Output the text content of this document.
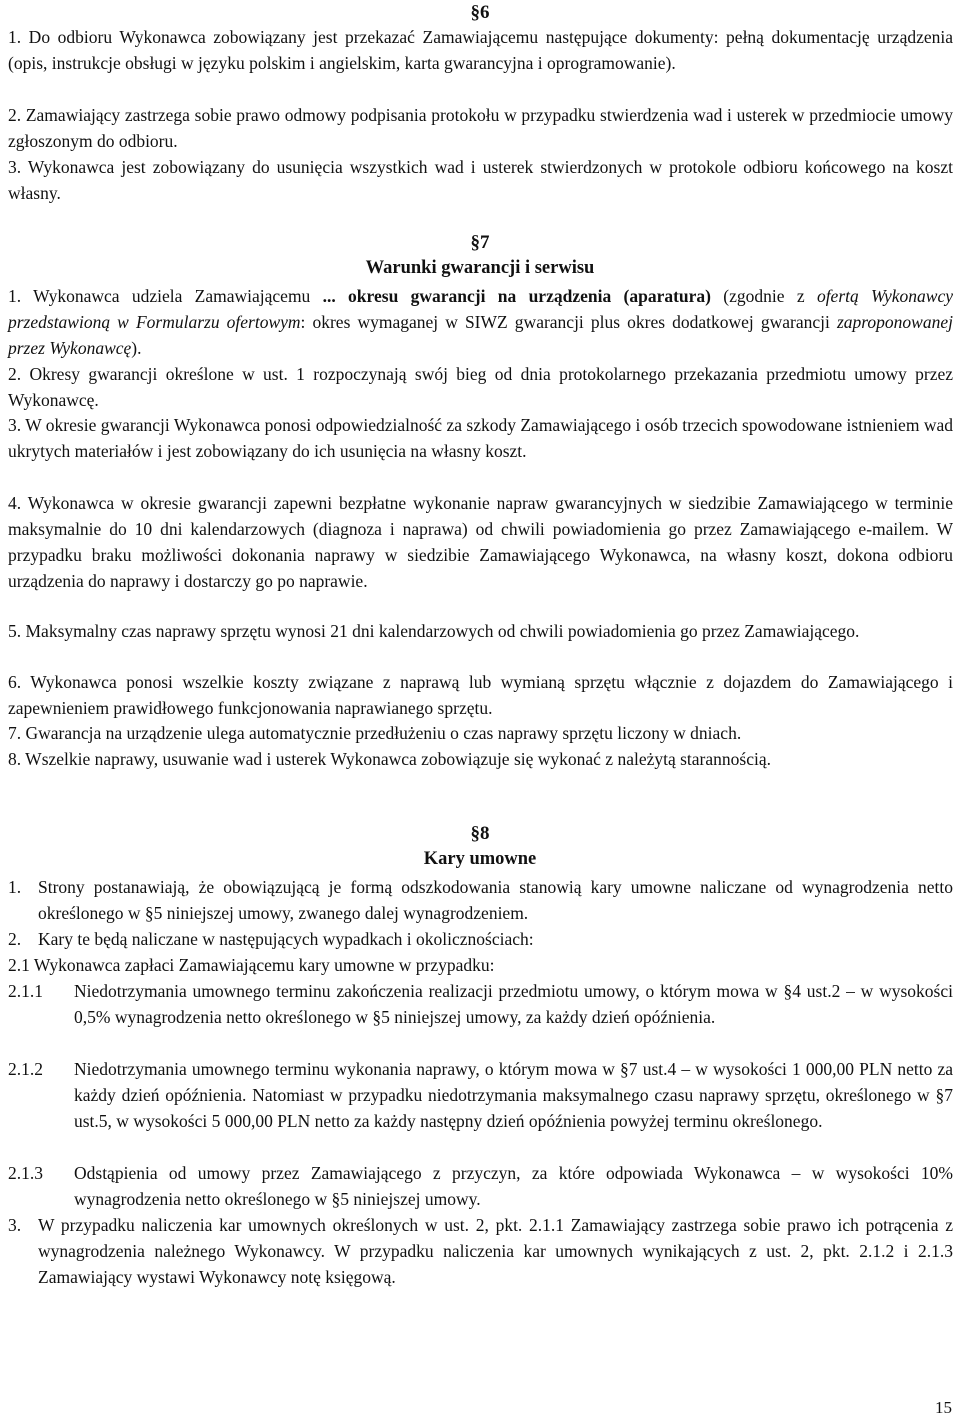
§6
1. Do odbioru Wykonawca zobowiązany jest przekazać Zamawiającemu następujące dokumenty: pełną dokumentację urządzenia (opis, instrukcje obsługi w języku polskim i angielskim, karta gwarancyjna i oprogramowanie).
2. Zamawiający zastrzega sobie prawo odmowy podpisania protokołu w przypadku stwierdzenia wad i usterek w przedmiocie umowy zgłoszonym do odbioru.
3. Wykonawca jest zobowiązany do usunięcia wszystkich wad i usterek stwierdzonych w protokole odbioru końcowego na koszt własny.
§7
Warunki gwarancji i serwisu
1. Wykonawca udziela Zamawiającemu ... okresu gwarancji na urządzenia (aparatura) (zgodnie z ofertą Wykonawcy przedstawioną w Formularzu ofertowym: okres wymaganej w SIWZ gwarancji plus okres dodatkowej gwarancji zaproponowanej przez Wykonawcę).
2. Okresy gwarancji określone w ust. 1 rozpoczynają swój bieg od dnia protokolarnego przekazania przedmiotu umowy przez Wykonawcę.
3. W okresie gwarancji Wykonawca ponosi odpowiedzialność za szkody Zamawiającego i osób trzecich spowodowane istnieniem wad ukrytych materiałów i jest zobowiązany do ich usunięcia na własny koszt.
4. Wykonawca w okresie gwarancji zapewni bezpłatne wykonanie napraw gwarancyjnych w siedzibie Zamawiającego w terminie maksymalnie do 10 dni kalendarzowych (diagnoza i naprawa) od chwili powiadomienia go przez Zamawiającego e-mailem. W przypadku braku możliwości dokonania naprawy w siedzibie Zamawiającego Wykonawca, na własny koszt, dokona odbioru urządzenia do naprawy i dostarczy go po naprawie.
5. Maksymalny czas naprawy sprzętu wynosi 21 dni kalendarzowych od chwili powiadomienia go przez Zamawiającego.
6. Wykonawca ponosi wszelkie koszty związane z naprawą lub wymianą sprzętu włącznie z dojazdem do Zamawiającego i zapewnieniem prawidłowego funkcjonowania naprawianego sprzętu.
7. Gwarancja na urządzenie ulega automatycznie przedłużeniu o czas naprawy sprzętu liczony w dniach.
8. Wszelkie naprawy, usuwanie wad i usterek Wykonawca zobowiązuje się wykonać z należytą starannością.
§8
Kary umowne
1. Strony postanawiają, że obowiązującą je formą odszkodowania stanowią kary umowne naliczane od wynagrodzenia netto określonego w §5 niniejszej umowy, zwanego dalej wynagrodzeniem.
2. Kary te będą naliczane w następujących wypadkach i okolicznościach:
2.1 Wykonawca zapłaci Zamawiającemu kary umowne w przypadku:
2.1.1 Niedotrzymania umownego terminu zakończenia realizacji przedmiotu umowy, o którym mowa w §4 ust.2 – w wysokości 0,5% wynagrodzenia netto określonego w §5 niniejszej umowy, za każdy dzień opóźnienia.
2.1.2 Niedotrzymania umownego terminu wykonania naprawy, o którym mowa w §7 ust.4 – w wysokości 1 000,00 PLN netto za każdy dzień opóźnienia. Natomiast w przypadku niedotrzymania maksymalnego czasu naprawy sprzętu, określonego w §7 ust.5, w wysokości 5 000,00 PLN netto za każdy następny dzień opóźnienia powyżej terminu określonego.
2.1.3 Odstąpienia od umowy przez Zamawiającego z przyczyn, za które odpowiada Wykonawca – w wysokości 10% wynagrodzenia netto określonego w §5 niniejszej umowy.
3. W przypadku naliczenia kar umownych określonych w ust. 2, pkt. 2.1.1 Zamawiający zastrzega sobie prawo ich potrącenia z wynagrodzenia należnego Wykonawcy. W przypadku naliczenia kar umownych wynikających z ust. 2, pkt. 2.1.2 i 2.1.3 Zamawiający wystawi Wykonawcy notę księgową.
15
